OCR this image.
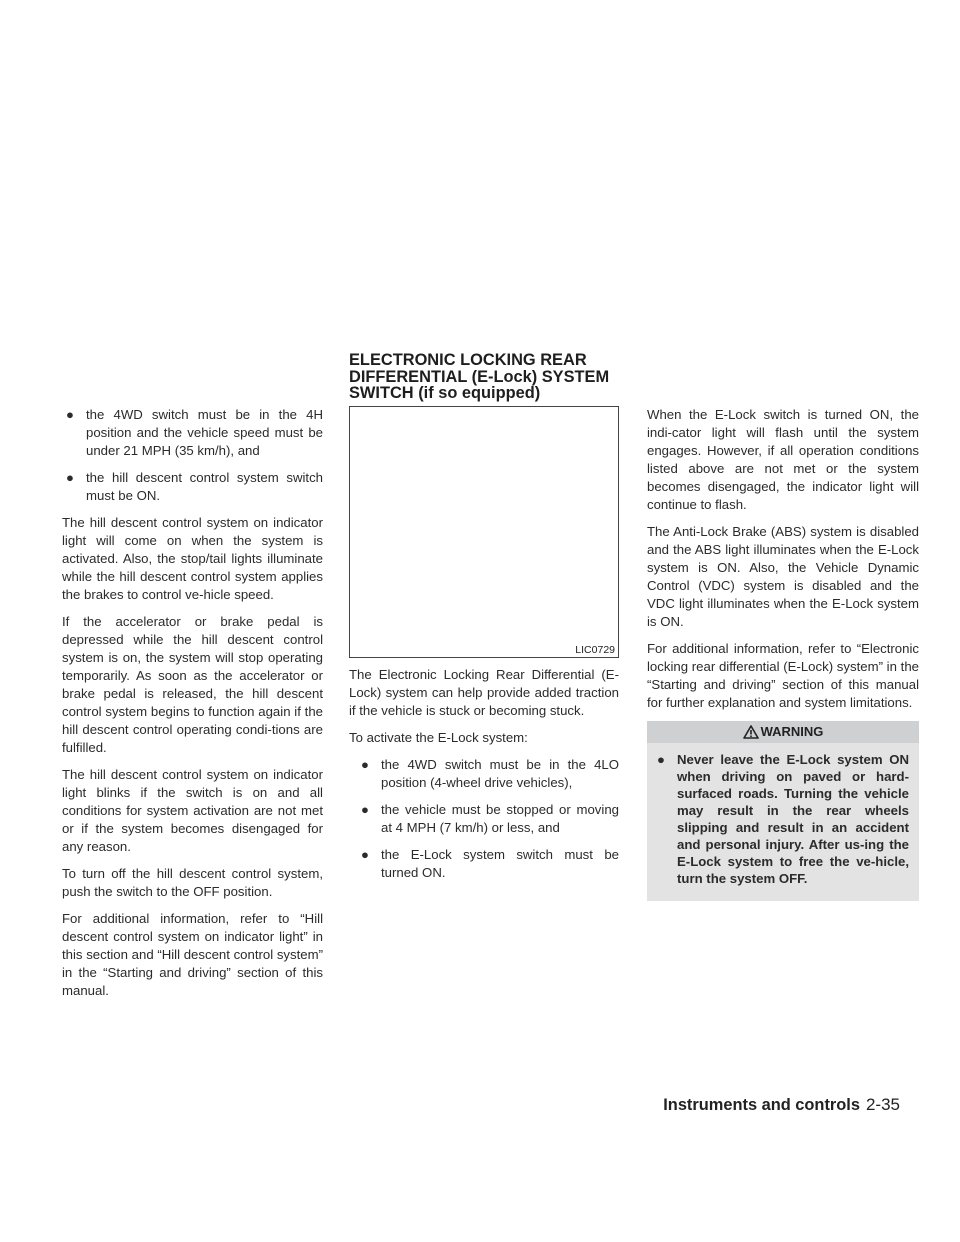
● the 4WD switch must be in the 4H position and the vehicle speed must be under 21 MPH (35 km/h), and
● the hill descent control system switch must be ON.

The hill descent control system on indicator light will come on when the system is activated. Also, the stop/tail lights illuminate while the hill descent control system applies the brakes to control ve-hicle speed.

If the accelerator or brake pedal is depressed while the hill descent control system is on, the system will stop operating temporarily. As soon as the accelerator or brake pedal is released, the hill descent control system begins to function again if the hill descent control operating condi-tions are fulfilled.

The hill descent control system on indicator light blinks if the switch is on and all conditions for system activation are not met or if the system becomes disengaged for any reason.

To turn off the hill descent control system, push the switch to the OFF position.

For additional information, refer to “Hill descent control system on indicator light” in this section and “Hill descent control system” in the “Starting and driving” section of this manual.

ELECTRONIC LOCKING REAR
DIFFERENTIAL (E-Lock) SYSTEM
SWITCH (if so equipped)
LIC0729

The Electronic Locking Rear Differential (E-Lock) system can help provide added traction if the vehicle is stuck or becoming stuck.

To activate the E-Lock system:

● the 4WD switch must be in the 4LO position (4-wheel drive vehicles),
● the vehicle must be stopped or moving at 4 MPH (7 km/h) or less, and
● the E-Lock system switch must be turned ON.

When the E-Lock switch is turned ON, the indi-cator light will flash until the system engages. However, if all operation conditions listed above are not met or the system becomes disengaged, the indicator light will continue to flash.

The Anti-Lock Brake (ABS) system is disabled and the ABS light illuminates when the E-Lock system is ON. Also, the Vehicle Dynamic Control (VDC) system is disabled and the VDC light illuminates when the E-Lock system is ON.

For additional information, refer to “Electronic locking rear differential (E-Lock) system” in the “Starting and driving” section of this manual for further explanation and system limitations.

WARNING
● Never leave the E-Lock system ON when driving on paved or hard-surfaced roads. Turning the vehicle may result in the rear wheels slipping and result in an accident and personal injury. After us-ing the E-Lock system to free the ve-hicle, turn the system OFF.
Instruments and controls 2-35
